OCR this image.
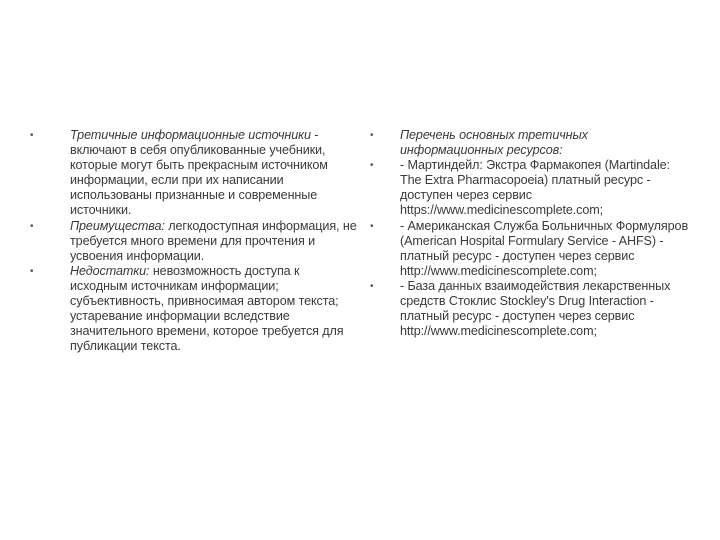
•	Третичные информационные источники - включают в себя опубликованные учебники, которые могут быть прекрасным источником информации, если при их написании использованы признанные и современные источники.
•	Преимущества: легкодоступная информация, не требуется много времени для прочтения и усвоения информации.
•	Недостатки: невозможность доступа к исходным источникам информации; субъективность, привносимая автором текста; устаревание информации вследствие значительного времени, которое требуется для публикации текста.
• Перечень основных третичных информационных ресурсов:
• - Мартиндейл: Экстра Фармакопея (Martindale: The Extra Pharmacopoeia) платный ресурс - доступен через сервис https://www.medicinescomplete.com;
• - Американская Служба Больничных Формуляров (American Hospital Formulary Service - AHFS) - платный ресурс - доступен через сервис http://www.medicinescomplete.com;
• - База данных взаимодействия лекарственных средств Стоклис Stockley's Drug Interaction - платный ресурс - доступен через сервис http://www.medicinescomplete.com;
